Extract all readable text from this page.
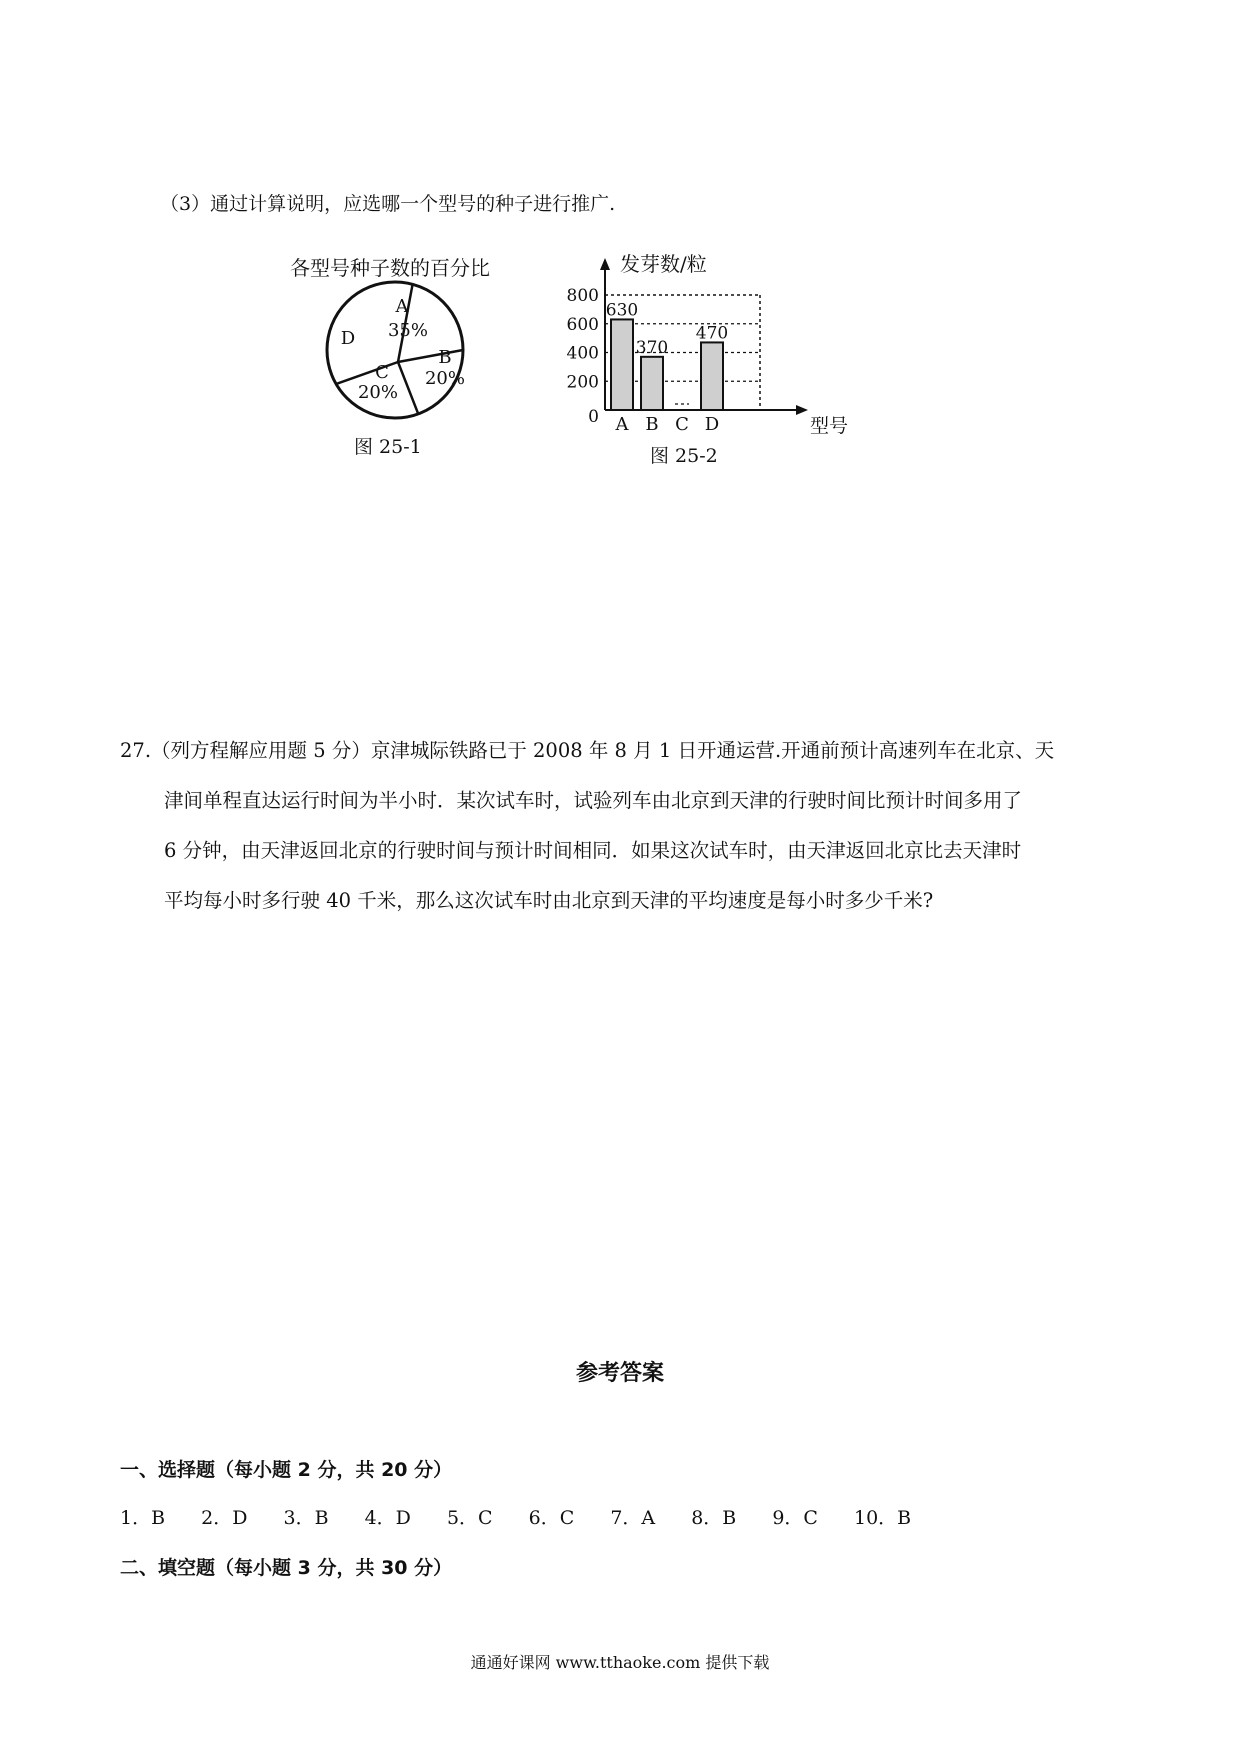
（3）通过计算说明，应选哪一个型号的种子进行推广.
各型号种子数的百分比
A
35%
B
20%
C
20%
D
图 25-1
发芽数/粒
630
A
370
B C
470
D
0
200
400
600
800
型号
图 25-2
27.（列方程解应用题 5 分）京津城际铁路已于 2008 年 8 月 1 日开通运营.开通前预计高速列车在北京、天
津间单程直达运行时间为半小时．某次试车时，试验列车由北京到天津的行驶时间比预计时间多用了
6 分钟，由天津返回北京的行驶时间与预计时间相同．如果这次试车时，由天津返回北京比去天津时
平均每小时多行驶 40 千米，那么这次试车时由北京到天津的平均速度是每小时多少千米?
参考答案
一、选择题（每小题 2 分，共 20 分）
1．B 2．D 3．B 4．D 5．C 6．C 7．A 8．B 9．C 10．B
二、填空题（每小题 3 分，共 30 分）
通通好课网 www.tthaoke.com 提供下载
